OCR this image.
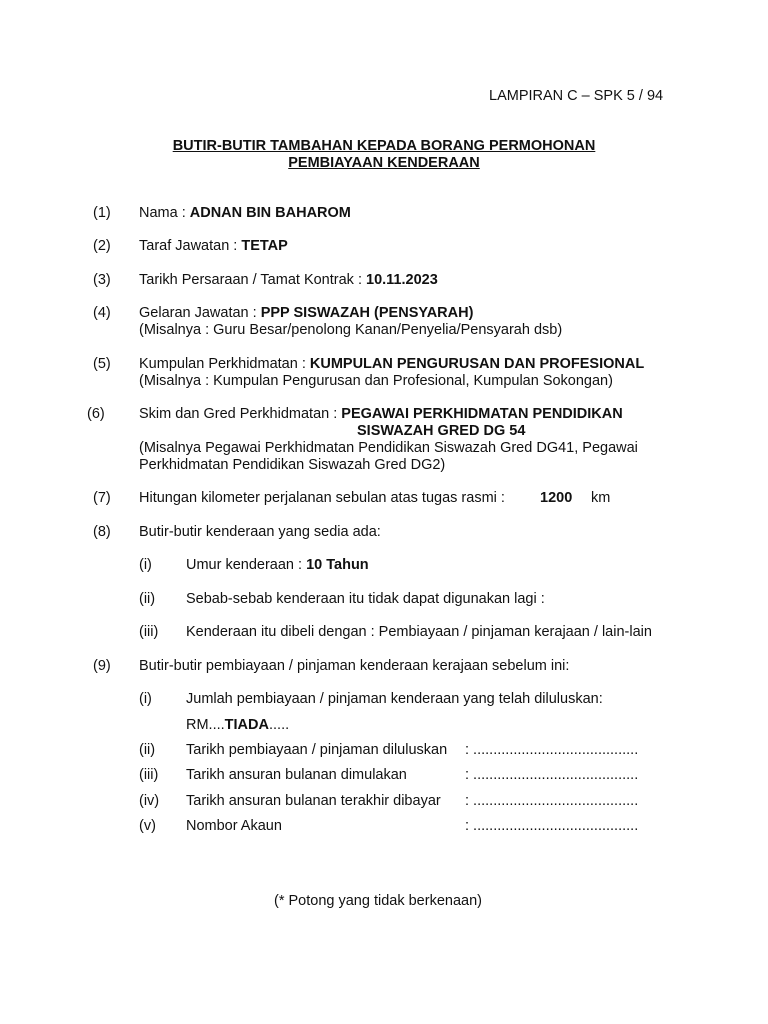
LAMPIRAN C – SPK 5 / 94
BUTIR-BUTIR TAMBAHAN KEPADA BORANG PERMOHONAN
PEMBIAYAAN KENDERAAN
(1) Nama : ADNAN BIN BAHAROM
(2) Taraf Jawatan : TETAP
(3) Tarikh Persaraan / Tamat Kontrak : 10.11.2023
(4) Gelaran Jawatan : PPP SISWAZAH (PENSYARAH)
(Misalnya : Guru Besar/penolong Kanan/Penyelia/Pensyarah dsb)
(5) Kumpulan Perkhidmatan : KUMPULAN PENGURUSAN DAN PROFESIONAL
(Misalnya : Kumpulan Pengurusan dan Profesional, Kumpulan Sokongan)
(6) Skim dan Gred Perkhidmatan : PEGAWAI PERKHIDMATAN PENDIDIKAN
SISWAZAH GRED DG 54
(Misalnya Pegawai Perkhidmatan Pendidikan Siswazah Gred DG41, Pegawai
Perkhidmatan Pendidikan Siswazah Gred DG2)
(7) Hitungan kilometer perjalanan sebulan atas tugas rasmi : 1200 km
(8) Butir-butir kenderaan yang sedia ada:
(i) Umur kenderaan : 10 Tahun
(ii) Sebab-sebab kenderaan itu tidak dapat digunakan lagi :
(iii) Kenderaan itu dibeli dengan : Pembiayaan / pinjaman kerajaan / lain-lain
(9) Butir-butir pembiayaan / pinjaman kenderaan kerajaan sebelum ini:
(i) Jumlah pembiayaan / pinjaman kenderaan yang telah diluluskan:
RM....TIADA.....
(ii) Tarikh pembiayaan / pinjaman diluluskan : .........................................
(iii) Tarikh ansuran bulanan dimulakan	: .........................................
(iv) Tarikh ansuran bulanan terakhir dibayar : .........................................
(v) Nombor Akaun	: .........................................
(* Potong yang tidak berkenaan)
